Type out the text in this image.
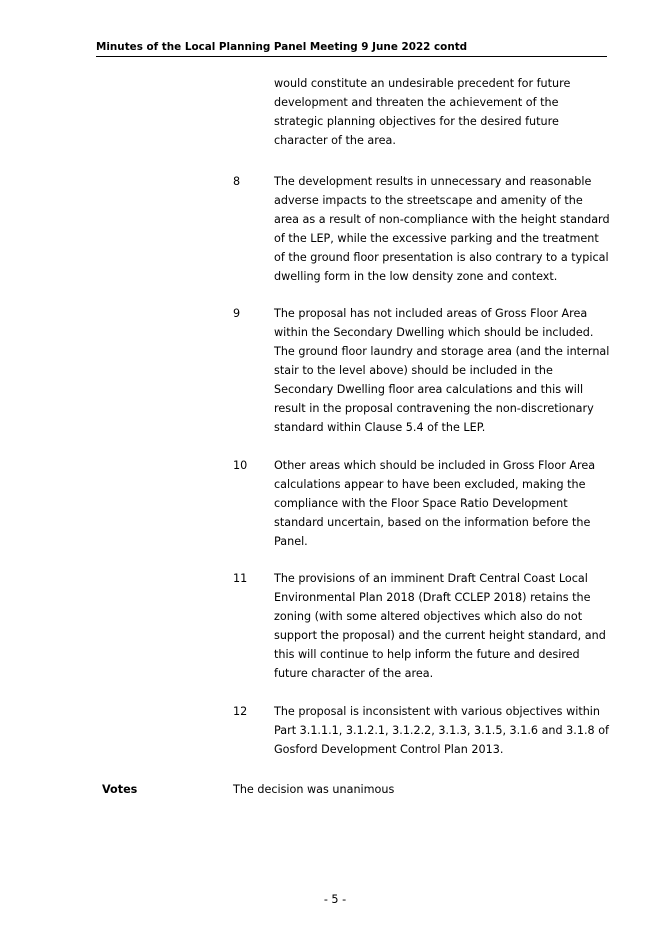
Minutes of the Local Planning Panel Meeting 9 June 2022 contd
would constitute an undesirable precedent for future development and threaten the achievement of the strategic planning objectives for the desired future character of the area.
8	The development results in unnecessary and reasonable adverse impacts to the streetscape and amenity of the area as a result of non-compliance with the height standard of the LEP, while the excessive parking and the treatment of the ground floor presentation is also contrary to a typical dwelling form in the low density zone and context.
9	The proposal has not included areas of Gross Floor Area within the Secondary Dwelling which should be included. The ground floor laundry and storage area (and the internal stair to the level above) should be included in the Secondary Dwelling floor area calculations and this will result in the proposal contravening the non-discretionary standard within Clause 5.4 of the LEP.
10	Other areas which should be included in Gross Floor Area calculations appear to have been excluded, making the compliance with the Floor Space Ratio Development standard uncertain, based on the information before the Panel.
11	The provisions of an imminent Draft Central Coast Local Environmental Plan 2018 (Draft CCLEP 2018) retains the zoning (with some altered objectives which also do not support the proposal) and the current height standard, and this will continue to help inform the future and desired future character of the area.
12	The proposal is inconsistent with various objectives within Part 3.1.1.1, 3.1.2.1, 3.1.2.2, 3.1.3, 3.1.5, 3.1.6 and 3.1.8 of Gosford Development Control Plan 2013.
Votes	The decision was unanimous
- 5 -
